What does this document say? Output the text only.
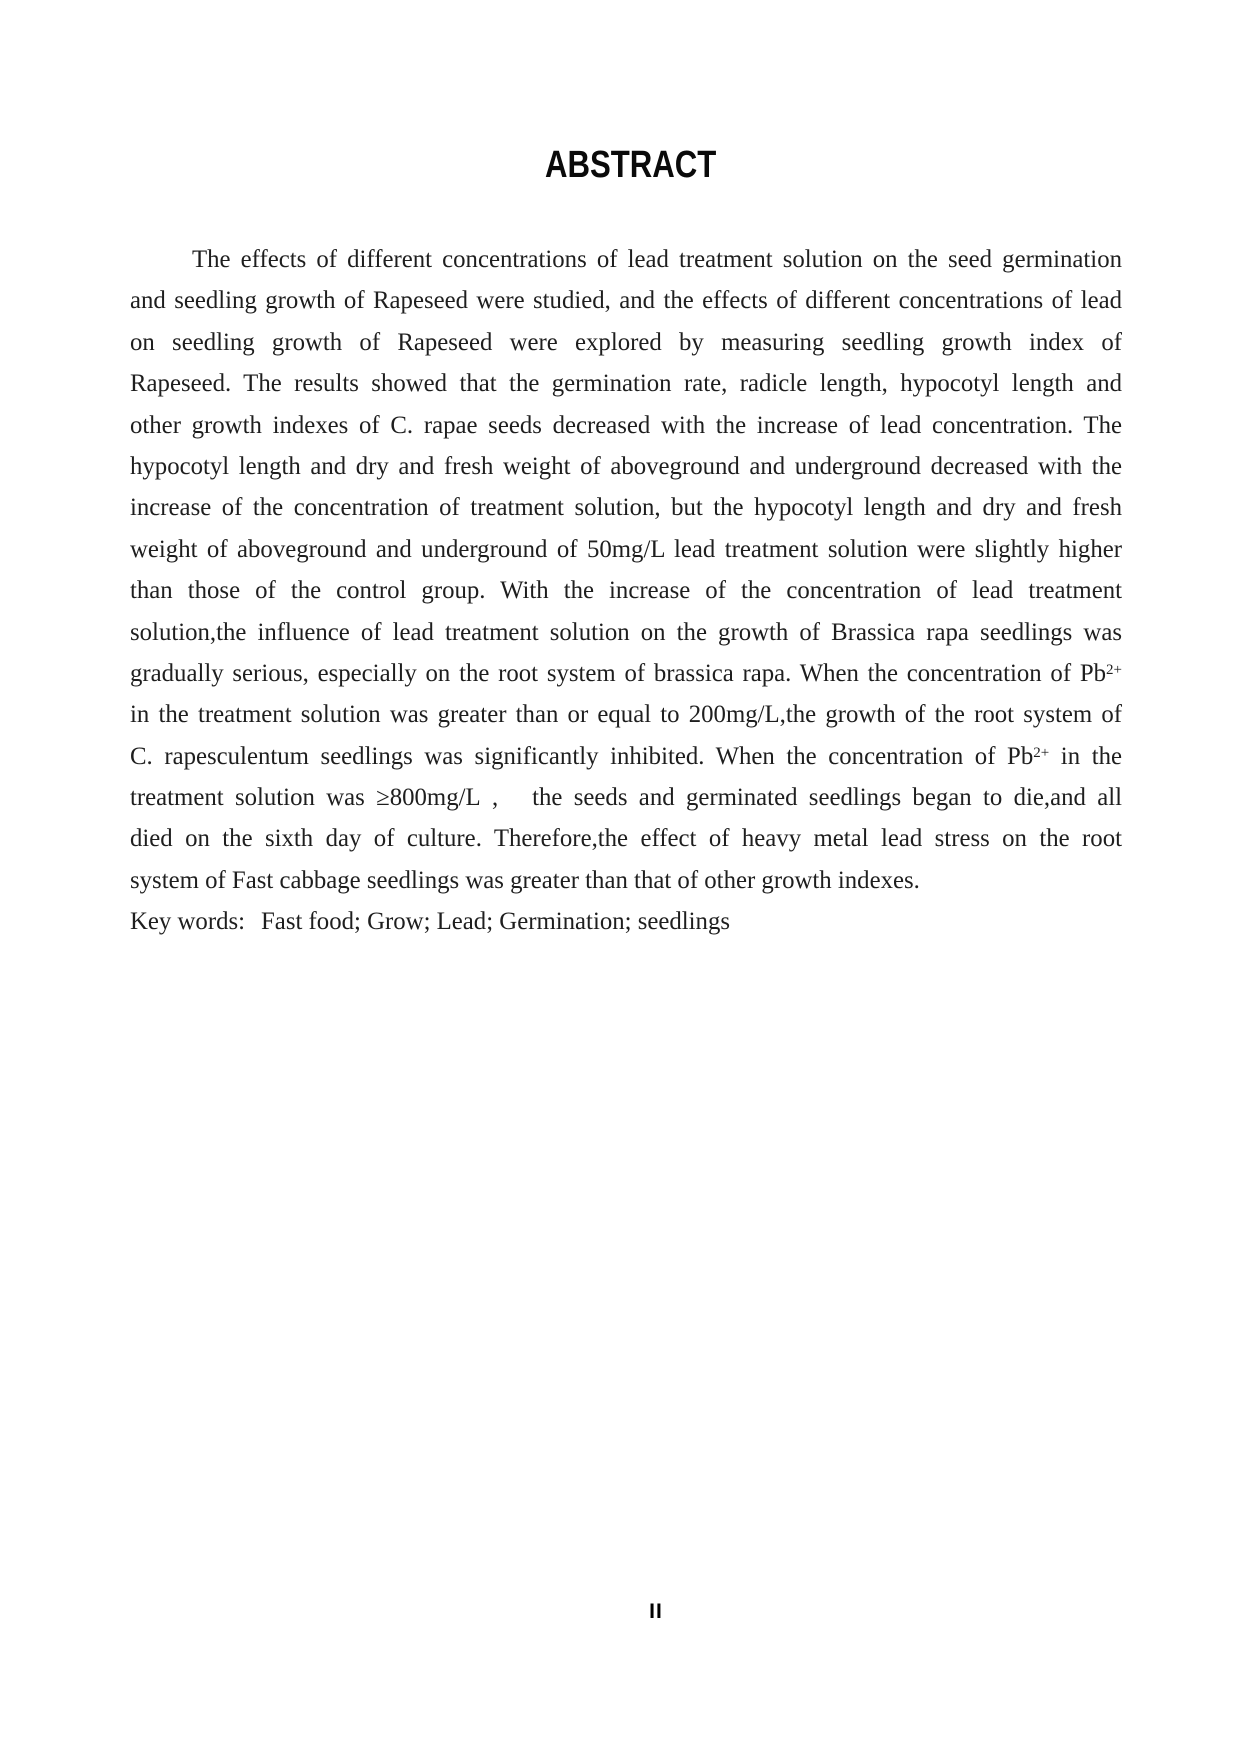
ABSTRACT
The effects of different concentrations of lead treatment solution on the seed germination
and seedling growth of Rapeseed were studied, and the effects of different concentrations of lead
on seedling growth of Rapeseed were explored by measuring seedling growth index of
Rapeseed. The results showed that the germination rate, radicle length, hypocotyl length and
other growth indexes of C. rapae seeds decreased with the increase of lead concentration. The
hypocotyl length and dry and fresh weight of aboveground and underground decreased with the
increase of the concentration of treatment solution, but the hypocotyl length and dry and fresh
weight of aboveground and underground of 50mg/L lead treatment solution were slightly higher
than those of the control group. With the increase of the concentration of lead treatment
solution,the influence of lead treatment solution on the growth of Brassica rapa seedlings was
gradually serious, especially on the root system of brassica rapa. When the concentration of $Pb^{2+}$
in the treatment solution was greater than or equal to 200mg/L,the growth of the root system of
C. rapesculentum seedlings was significantly inhibited. When the concentration of $Pb^{2+}$ in the
treatment solution was ≥800mg/L ,   the seeds and germinated seedlings began to die,and all
died on the sixth day of culture. Therefore,the effect of heavy metal lead stress on the root
system of Fast cabbage seedlings was greater than that of other growth indexes.
Key words: Fast food; Grow; Lead; Germination; seedlings
II
